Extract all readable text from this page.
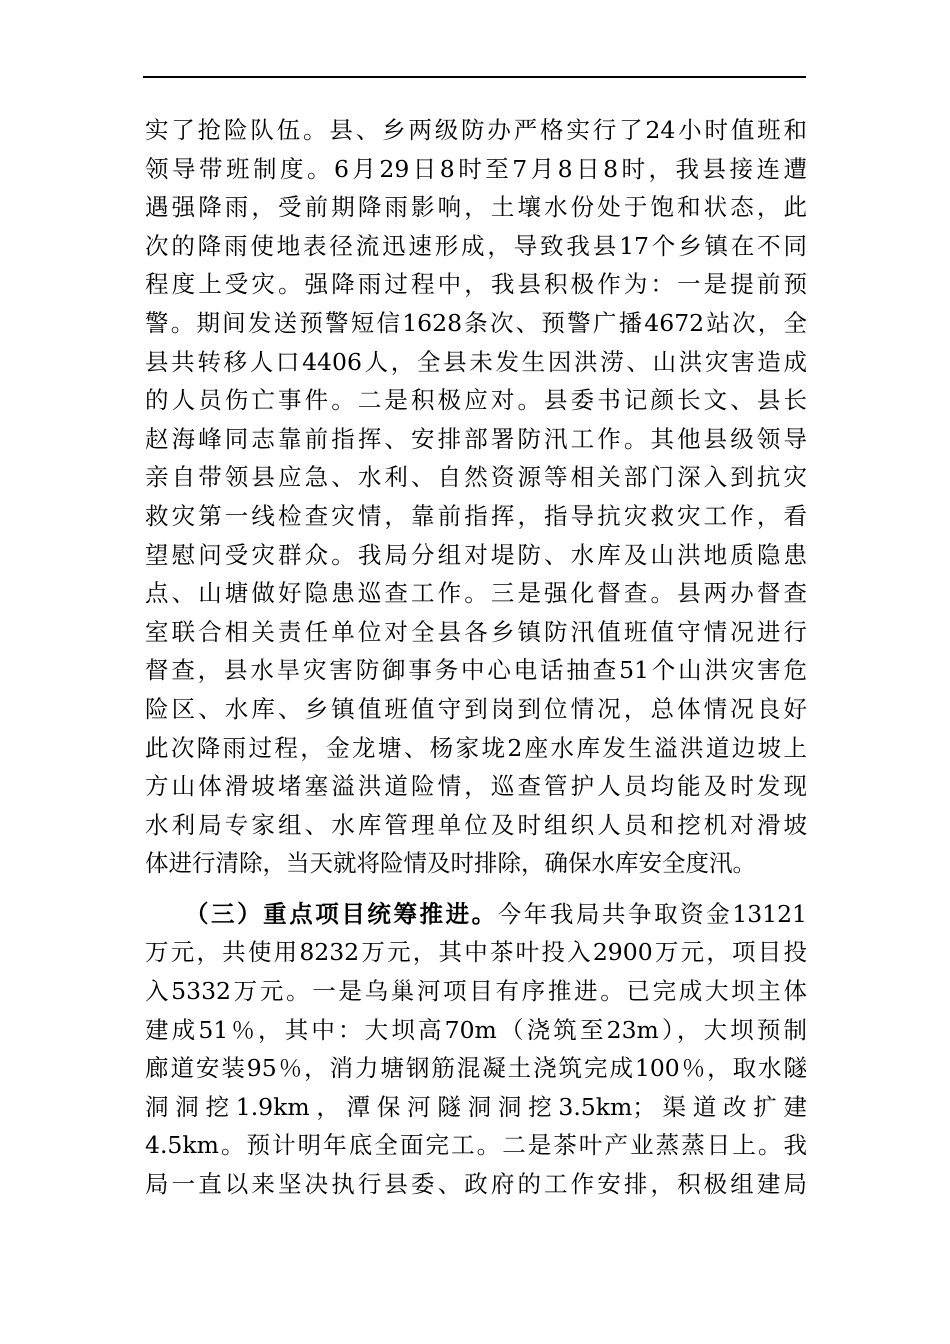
实了抢险队伍。县、乡两级防办严格实行了24小时值班和
领导带班制度。6月29日8时至7月8日8时，我县接连遭
遇强降雨，受前期降雨影响，土壤水份处于饱和状态，此
次的降雨使地表径流迅速形成，导致我县17个乡镇在不同
程度上受灾。强降雨过程中，我县积极作为：一是提前预
警。期间发送预警短信1628条次、预警广播4672站次，全
县共转移人口4406人，全县未发生因洪涝、山洪灾害造成
的人员伤亡事件。二是积极应对。县委书记颜长文、县长
赵海峰同志靠前指挥、安排部署防汛工作。其他县级领导
亲自带领县应急、水利、自然资源等相关部门深入到抗灾
救灾第一线检查灾情，靠前指挥，指导抗灾救灾工作，看
望慰问受灾群众。我局分组对堤防、水库及山洪地质隐患
点、山塘做好隐患巡查工作。三是强化督查。县两办督查
室联合相关责任单位对全县各乡镇防汛值班值守情况进行
督查，县水旱灾害防御事务中心电话抽查51个山洪灾害危
险区、水库、乡镇值班值守到岗到位情况，总体情况良好
此次降雨过程，金龙塘、杨家垅2座水库发生溢洪道边坡上
方山体滑坡堵塞溢洪道险情，巡查管护人员均能及时发现
水利局专家组、水库管理单位及时组织人员和挖机对滑坡
体进行清除，当天就将险情及时排除，确保水库安全度汛。
（三）重点项目统筹推进。今年我局共争取资金13121
万元，共使用8232万元，其中茶叶投入2900万元，项目投
入5332万元。一是乌巢河项目有序推进。已完成大坝主体
建成51％，其中：大坝高70m（浇筑至23m），大坝预制
廊道安装95％，消力塘钢筋混凝土浇筑完成100％，取水隧
洞洞挖1.9km，潭保河隧洞洞挖3.5km；渠道改扩建
4.5km。预计明年底全面完工。二是茶叶产业蒸蒸日上。我
局一直以来坚决执行县委、政府的工作安排，积极组建局
